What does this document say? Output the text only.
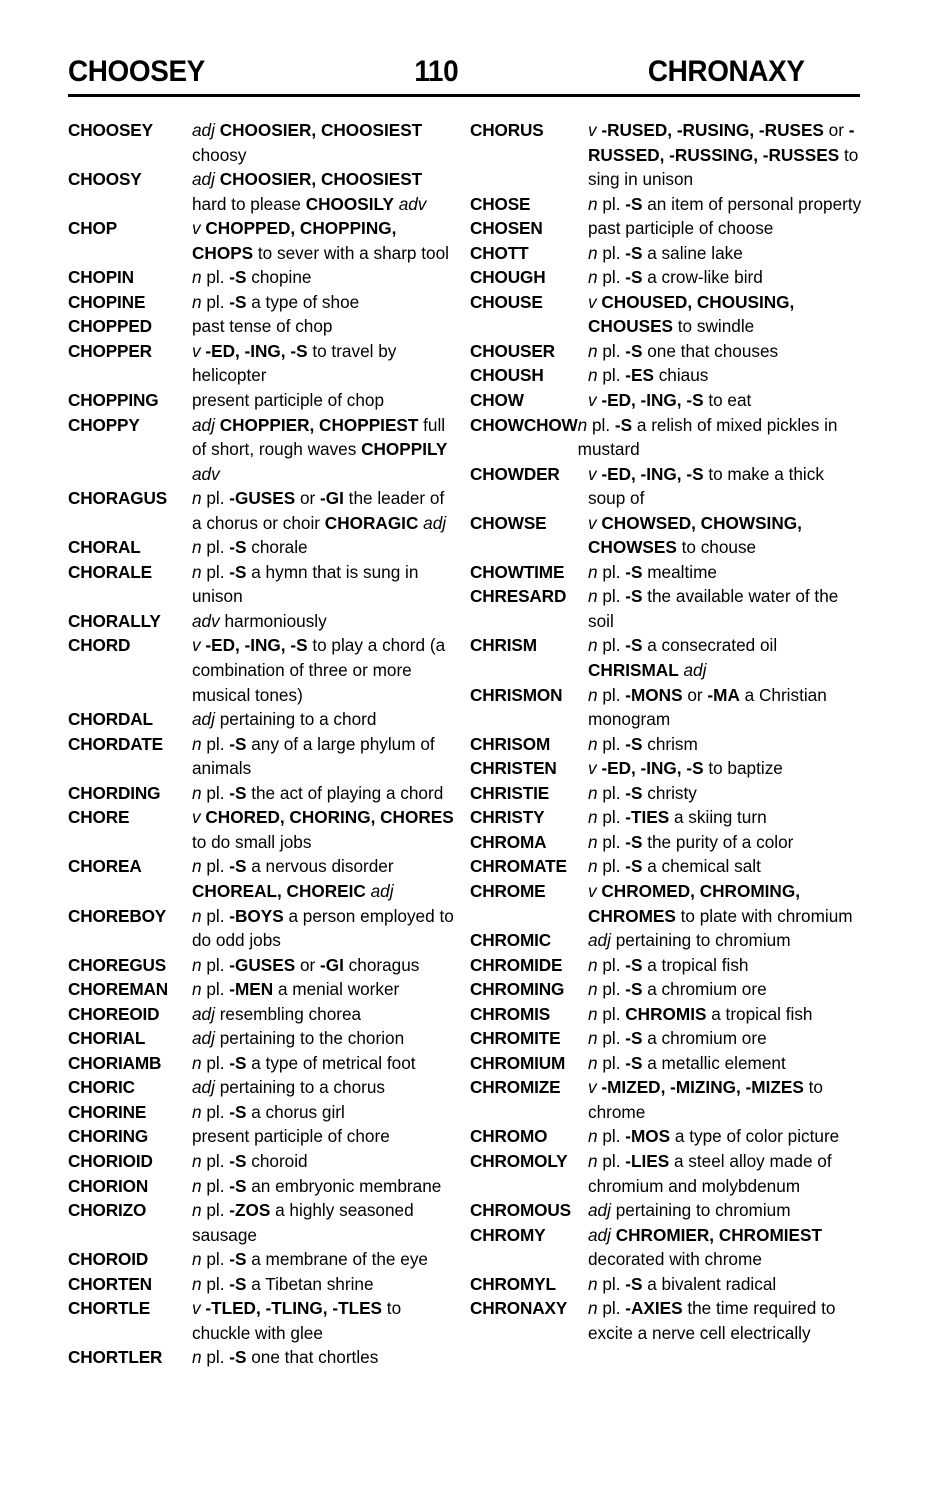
CHOOSEY	110	CHRONAXY
CHOOSEY	adj CHOOSIER, CHOOSIEST choosy
CHOOSY	adj CHOOSIER, CHOOSIEST hard to please CHOOSILY adv
CHOP	v CHOPPED, CHOPPING, CHOPS to sever with a sharp tool
CHOPIN	n pl. -S chopine
CHOPINE	n pl. -S a type of shoe
CHOPPED	past tense of chop
CHOPPER	v -ED, -ING, -S to travel by helicopter
CHOPPING	present participle of chop
CHOPPY	adj CHOPPIER, CHOPPIEST full of short, rough waves CHOPPILY adv
CHORAGUS	n pl. -GUSES or -GI the leader of a chorus or choir CHORAGIC adj
CHORAL	n pl. -S chorale
CHORALE	n pl. -S a hymn that is sung in unison
CHORALLY	adv harmoniously
CHORD	v -ED, -ING, -S to play a chord (a combination of three or more musical tones)
CHORDAL	adj pertaining to a chord
CHORDATE	n pl. -S any of a large phylum of animals
CHORDING	n pl. -S the act of playing a chord
CHORE	v CHORED, CHORING, CHORES to do small jobs
CHOREA	n pl. -S a nervous disorder CHOREAL, CHOREIC adj
CHOREBOY	n pl. -BOYS a person employed to do odd jobs
CHOREGUS	n pl. -GUSES or -GI choragus
CHOREMAN	n pl. -MEN a menial worker
CHOREOID	adj resembling chorea
CHORIAL	adj pertaining to the chorion
CHORIAMB	n pl. -S a type of metrical foot
CHORIC	adj pertaining to a chorus
CHORINE	n pl. -S a chorus girl
CHORING	present participle of chore
CHORIOID	n pl. -S choroid
CHORION	n pl. -S an embryonic membrane
CHORIZO	n pl. -ZOS a highly seasoned sausage
CHOROID	n pl. -S a membrane of the eye
CHORTEN	n pl. -S a Tibetan shrine
CHORTLE	v -TLED, -TLING, -TLES to chuckle with glee
CHORTLER	n pl. -S one that chortles
CHORUS	v -RUSED, -RUSING, -RUSES or -RUSSED, -RUSSING, -RUSSES to sing in unison
CHOSE	n pl. -S an item of personal property
CHOSEN	past participle of choose
CHOTT	n pl. -S a saline lake
CHOUGH	n pl. -S a crow-like bird
CHOUSE	v CHOUSED, CHOUSING, CHOUSES to swindle
CHOUSER	n pl. -S one that chouses
CHOUSH	n pl. -ES chiaus
CHOW	v -ED, -ING, -S to eat
CHOWCHOW n pl. -S a relish of mixed pickles in mustard
CHOWDER	v -ED, -ING, -S to make a thick soup of
CHOWSE	v CHOWSED, CHOWSING, CHOWSES to chouse
CHOWTIME	n pl. -S mealtime
CHRESARD	n pl. -S the available water of the soil
CHRISM	n pl. -S a consecrated oil CHRISMAL adj
CHRISMON	n pl. -MONS or -MA a Christian monogram
CHRISOM	n pl. -S chrism
CHRISTEN	v -ED, -ING, -S to baptize
CHRISTIE	n pl. -S christy
CHRISTY	n pl. -TIES a skiing turn
CHROMA	n pl. -S the purity of a color
CHROMATE	n pl. -S a chemical salt
CHROME	v CHROMED, CHROMING, CHROMES to plate with chromium
CHROMIC	adj pertaining to chromium
CHROMIDE	n pl. -S a tropical fish
CHROMING	n pl. -S a chromium ore
CHROMIS	n pl. CHROMIS a tropical fish
CHROMITE	n pl. -S a chromium ore
CHROMIUM	n pl. -S a metallic element
CHROMIZE	v -MIZED, -MIZING, -MIZES to chrome
CHROMO	n pl. -MOS a type of color picture
CHROMOLY	n pl. -LIES a steel alloy made of chromium and molybdenum
CHROMOUS adj pertaining to chromium
CHROMY	adj CHROMIER, CHROMIEST decorated with chrome
CHROMYL	n pl. -S a bivalent radical
CHRONAXY	n pl. -AXIES the time required to excite a nerve cell electrically
